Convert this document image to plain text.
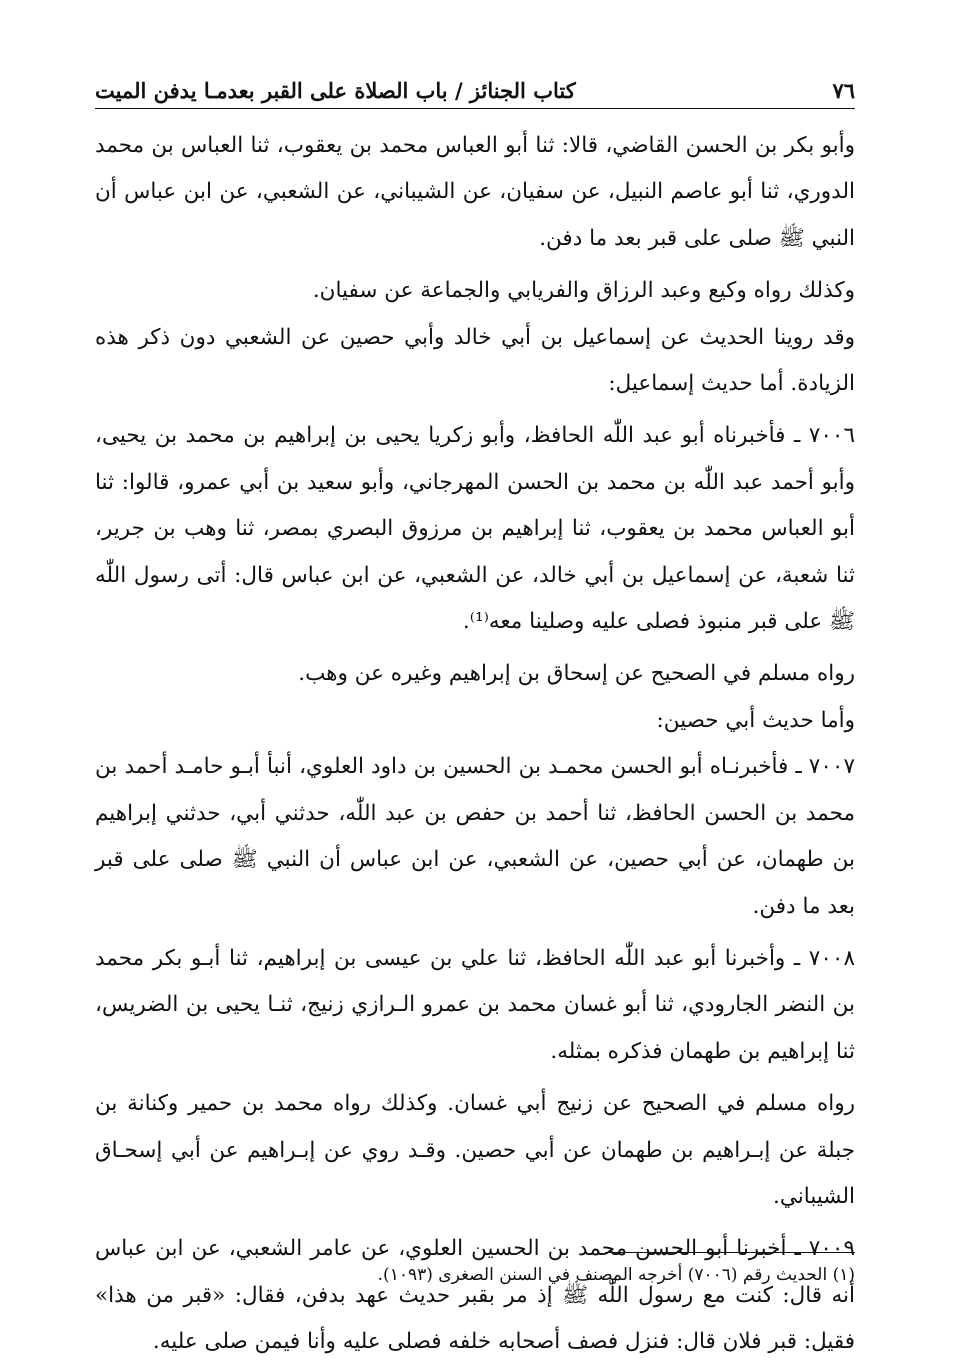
٧٦
كتاب الجنائز / باب الصلاة على القبر بعدمـا يدفن الميت

وأبو بكر بن الحسن القاضي، قالا: ثنا أبو العباس محمد بن يعقوب، ثنا العباس بن محمد الدوري، ثنا أبو عاصم النبيل، عن سفيان، عن الشيباني، عن الشعبي، عن ابن عباس أن النبي ﷺ صلى على قبر بعد ما دفن.

وكذلك رواه وكيع وعبد الرزاق والفريابي والجماعة عن سفيان.

وقد روينا الحديث عن إسماعيل بن أبي خالد وأبي حصين عن الشعبي دون ذكر هذه الزيادة. أما حديث إسماعيل:

٧٠٠٦ ـ فأخبرناه أبو عبد اللّٰه الحافظ، وأبو زكريا يحيى بن إبراهيم بن محمد بن يحيى، وأبو أحمد عبد اللّٰه بن محمد بن الحسن المهرجاني، وأبو سعيد بن أبي عمرو، قالوا: ثنا أبو العباس محمد بن يعقوب، ثنا إبراهيم بن مرزوق البصري بمصر، ثنا وهب بن جرير، ثنا شعبة، عن إسماعيل بن أبي خالد، عن الشعبي، عن ابن عباس قال: أتى رسول اللّٰه ﷺ على قبر منبوذ فصلى عليه وصلينا معه⁽¹⁾.

رواه مسلم في الصحيح عن إسحاق بن إبراهيم وغيره عن وهب.

وأما حديث أبي حصين:

٧٠٠٧ ـ فأخبرنـاه أبو الحسن محمـد بن الحسين بن داود العلوي، أنبأ أبـو حامـد أحمد بن محمد بن الحسن الحافظ، ثنا أحمد بن حفص بن عبد اللّٰه، حدثني أبي، حدثني إبراهيم بن طهمان، عن أبي حصين، عن الشعبي، عن ابن عباس أن النبي ﷺ صلى على قبر بعد ما دفن.

٧٠٠٨ ـ وأخبرنا أبو عبد اللّٰه الحافظ، ثنا علي بن عيسى بن إبراهيم، ثنا أبـو بكر محمد بن النضر الجارودي، ثنا أبو غسان محمد بن عمرو الـرازي زنيج، ثنـا يحيى بن الضريس، ثنا إبراهيم بن طهمان فذكره بمثله.

رواه مسلم في الصحيح عن زنيج أبي غسان. وكذلك رواه محمد بن حمير وكنانة بن جبلة عن إبـراهيم بن طهمان عن أبي حصين. وقـد روي عن إبـراهيم عن أبي إسحـاق الشيباني.

٧٠٠٩ ـ أخبرنا أبو الحسن محمد بن الحسين العلوي، عن عامر الشعبي، عن ابن عباس أنه قال: كنت مع رسول اللّٰه ﷺ إذ مر بقبر حديث عهد بدفن، فقال: «قبر من هذا» فقيل: قبر فلان قال: فنزل فصف أصحابه خلفه فصلى عليه وأنا فيمن صلى عليه.

(١) الحديث رقم (٧٠٠٦) أخرجه المصنف في السنن الصغرى (١٠٩٣).
